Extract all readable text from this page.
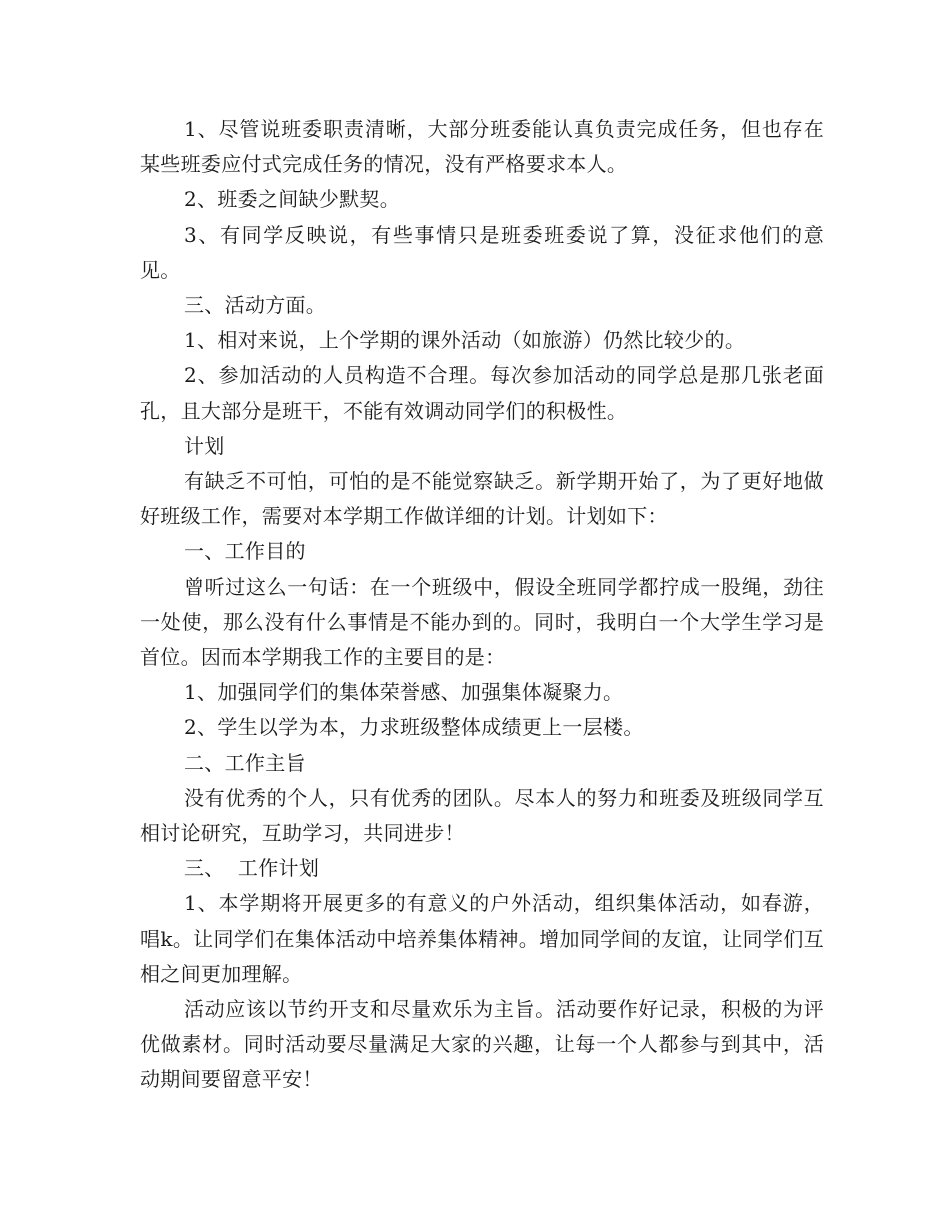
1、尽管说班委职责清晰，大部分班委能认真负责完成任务，但也存在某些班委应付式完成任务的情况，没有严格要求本人。

2、班委之间缺少默契。

3、有同学反映说，有些事情只是班委班委说了算，没征求他们的意见。

三、活动方面。

1、相对来说，上个学期的课外活动（如旅游）仍然比较少的。

2、参加活动的人员构造不合理。每次参加活动的同学总是那几张老面孔，且大部分是班干，不能有效调动同学们的积极性。

计划

有缺乏不可怕，可怕的是不能觉察缺乏。新学期开始了，为了更好地做好班级工作，需要对本学期工作做详细的计划。计划如下：

一、工作目的

曾听过这么一句话：在一个班级中，假设全班同学都拧成一股绳，劲往一处使，那么没有什么事情是不能办到的。同时，我明白一个大学生学习是首位。因而本学期我工作的主要目的是：

1、加强同学们的集体荣誉感、加强集体凝聚力。

2、学生以学为本，力求班级整体成绩更上一层楼。

二、工作主旨

没有优秀的个人，只有优秀的团队。尽本人的努力和班委及班级同学互相讨论研究，互助学习，共同进步！

三、  工作计划

1、本学期将开展更多的有意义的户外活动，组织集体活动，如春游，唱k。让同学们在集体活动中培养集体精神。增加同学间的友谊，让同学们互相之间更加理解。

活动应该以节约开支和尽量欢乐为主旨。活动要作好记录，积极的为评优做素材。同时活动要尽量满足大家的兴趣，让每一个人都参与到其中，活动期间要留意平安！
